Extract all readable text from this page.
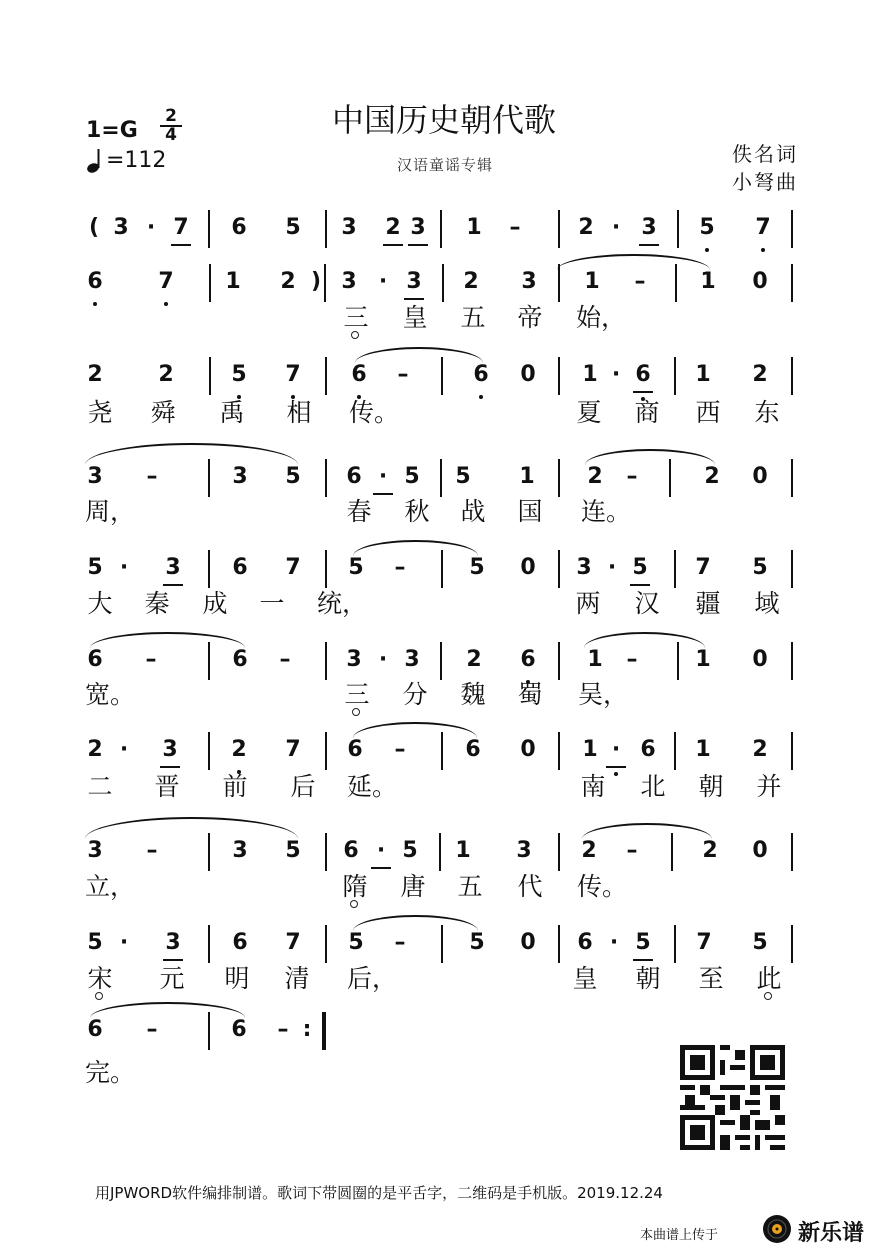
中国历史朝代歌
汉语童谣专辑
1=G
2
4
=112	佚名词
小弩曲
( 3 · 7 6 5 3 2 3 1 –	2 · 3 5 7
6	7 1 2 ) 3	· 3 2 3 1 – 1 0
三	皇	五	帝	始，
2	2	5 7 6 –	6 0 1 · 6 1 2
尧	舜	禹	相	传。	夏	商	西	东
3 –	3 5 6 · 5 5 1 2 –	2 0
周，	春	秋	战	国	连。
5 ·	3 6 7 5 –	5 0 3 · 5 7 5
大	秦	成	一	统，	两	汉	疆	域
6 –	6 –	3 · 3 2 6 1 –	1 0
宽。	三	分	魏	蜀	吴，
2 ·	3 2 7 6 –	6 0 1 · 6 1 2
二	晋	前	后	延。	南	北	朝	并
3 –	3 5 6 · 5 1 3 2 –	2 0
立，	隋	唐	五	代	传。
5 ·	3 6 7 5 –	5 0 6 · 5 7 5
宋	元	明	清	后，	皇	朝	至	此
6 –	6 – :
完。
用JPWORD软件编排制谱。歌词下带圆圈的是平舌字，二维码是手机版。2019.12.24
本曲谱上传于	新乐谱
